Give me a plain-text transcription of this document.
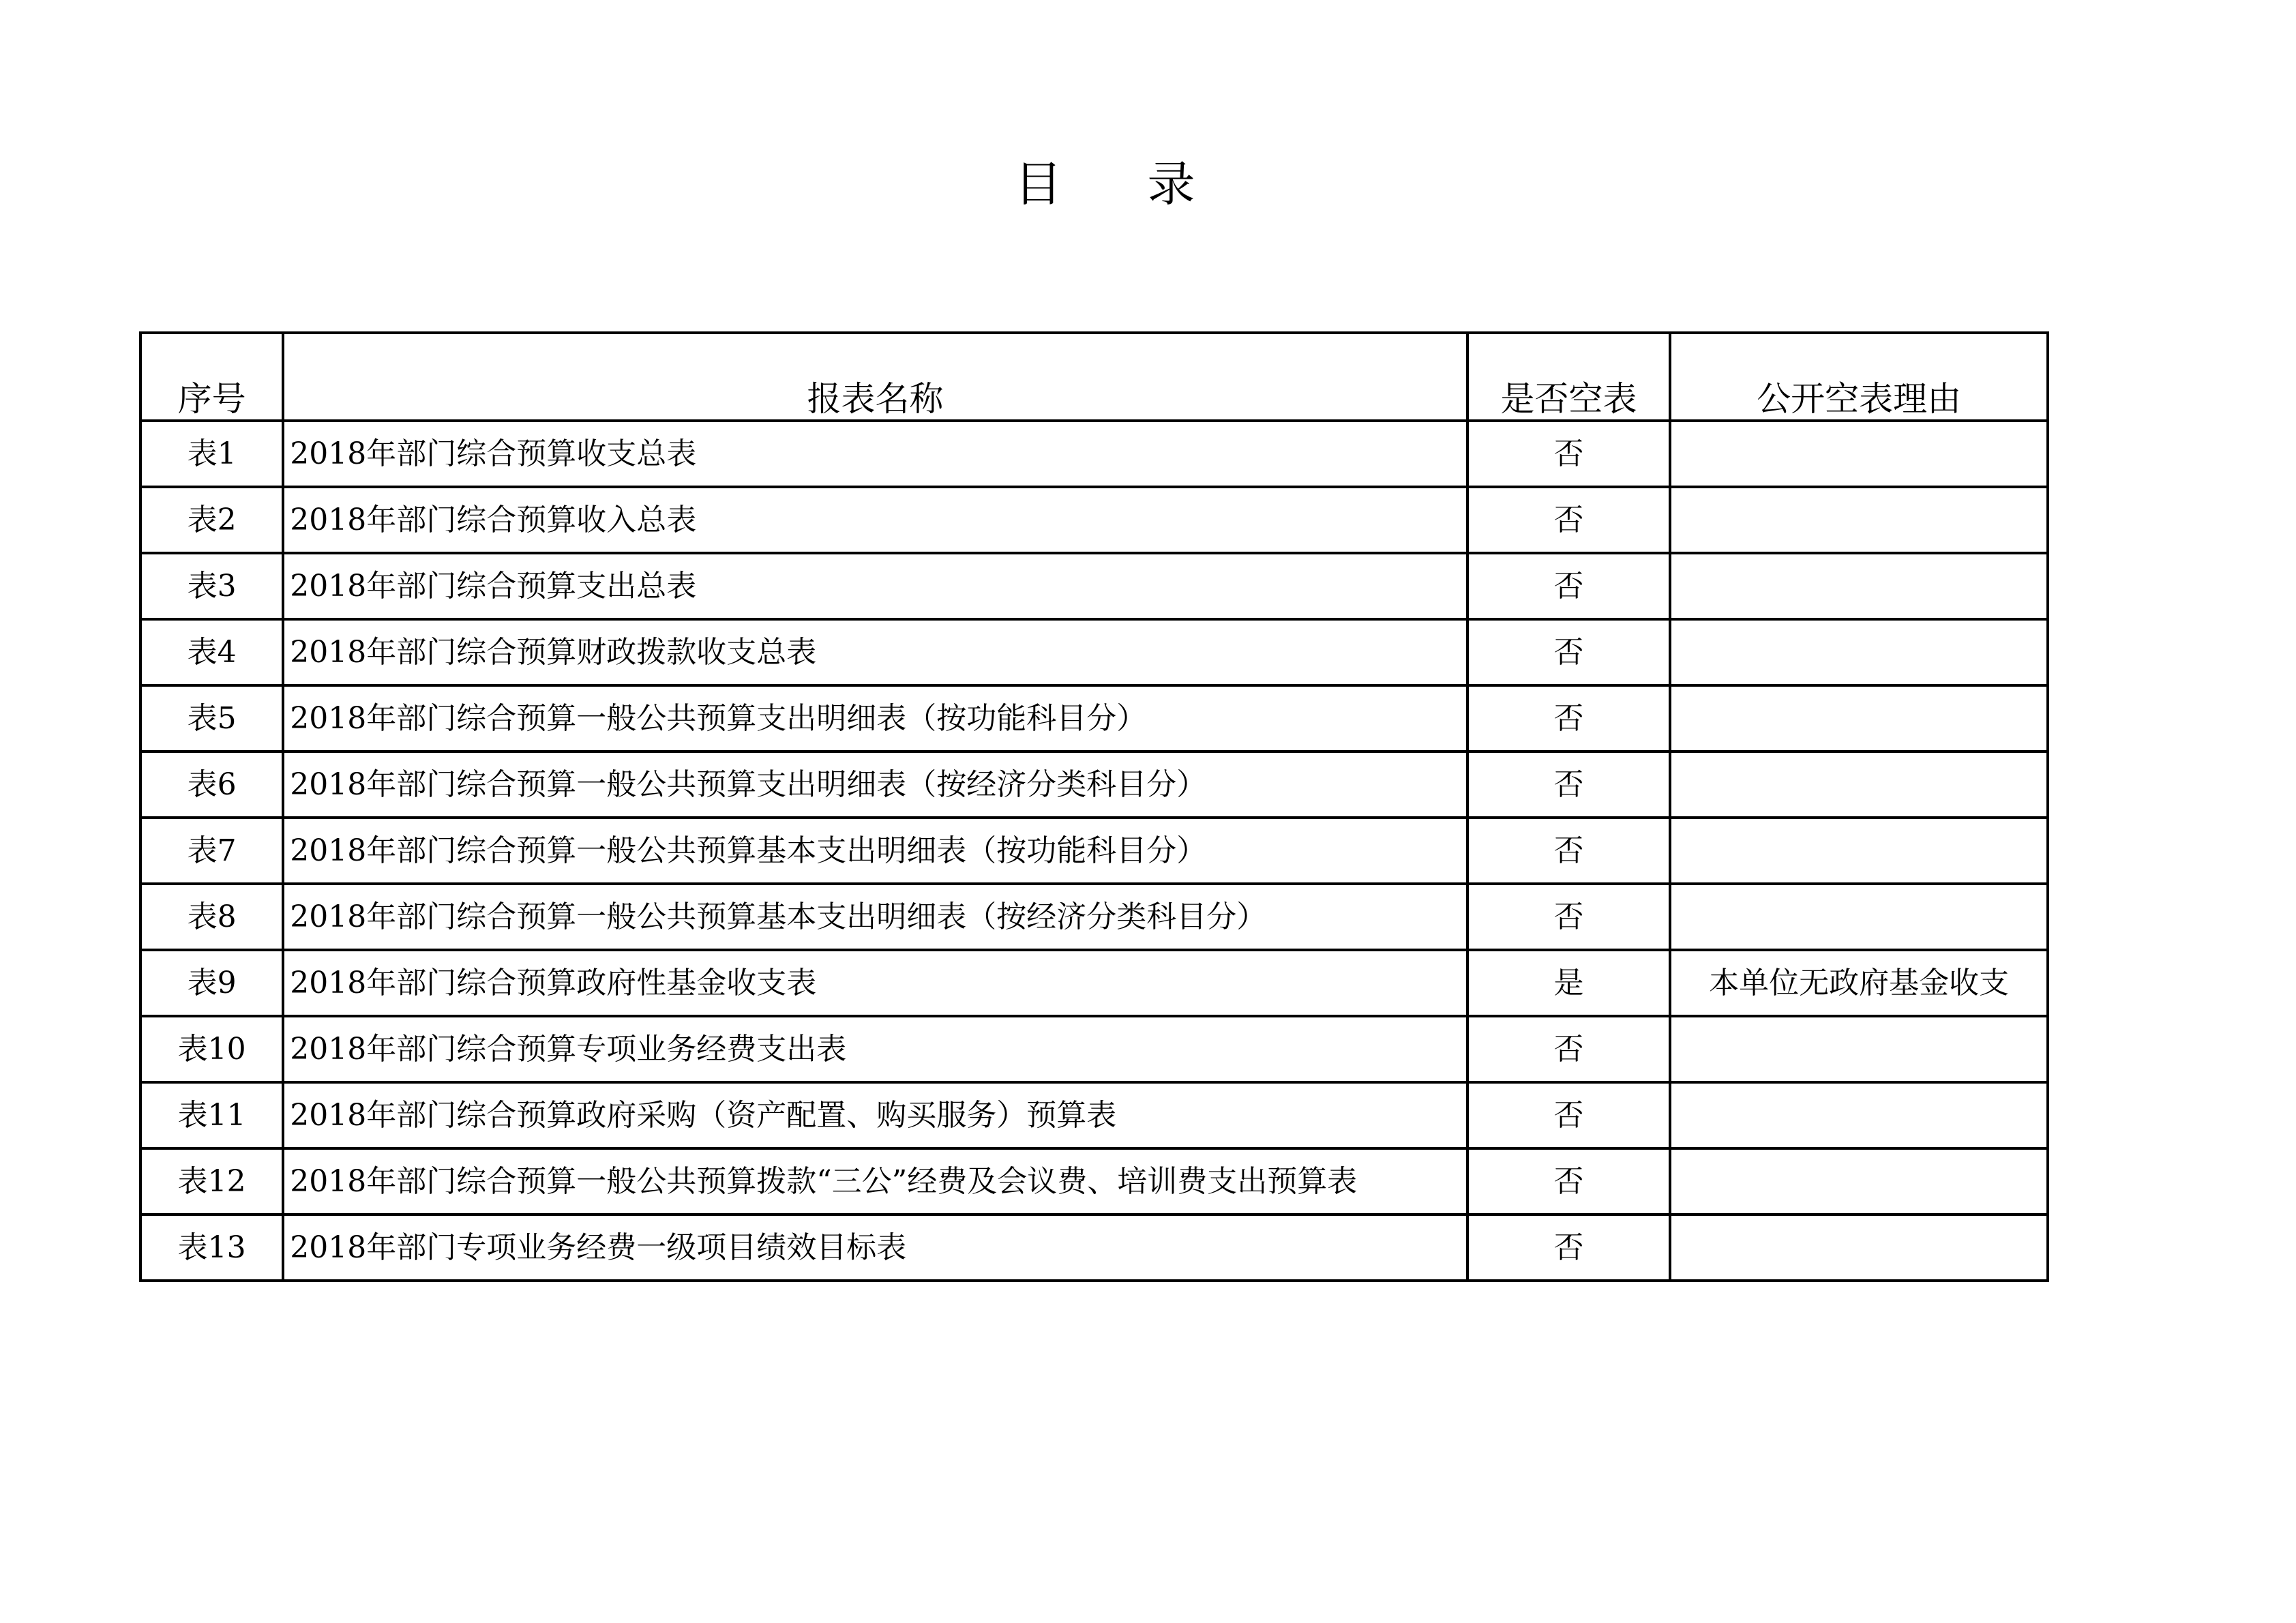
目 录
序号	报表名称	是否空表	公开空表理由
表1	2018年部门综合预算收支总表	否	
表2	2018年部门综合预算收入总表	否	
表3	2018年部门综合预算支出总表	否	
表4	2018年部门综合预算财政拨款收支总表	否	
表5	2018年部门综合预算一般公共预算支出明细表（按功能科目分）	否	
表6	2018年部门综合预算一般公共预算支出明细表（按经济分类科目分）	否	
表7	2018年部门综合预算一般公共预算基本支出明细表（按功能科目分）	否	
表8	2018年部门综合预算一般公共预算基本支出明细表（按经济分类科目分）	否	
表9	2018年部门综合预算政府性基金收支表	是	本单位无政府基金收支
表10	2018年部门综合预算专项业务经费支出表	否	
表11	2018年部门综合预算政府采购（资产配置、购买服务）预算表	否	
表12	2018年部门综合预算一般公共预算拨款“三公”经费及会议费、培训费支出预算表	否	
表13	2018年部门专项业务经费一级项目绩效目标表	否	
